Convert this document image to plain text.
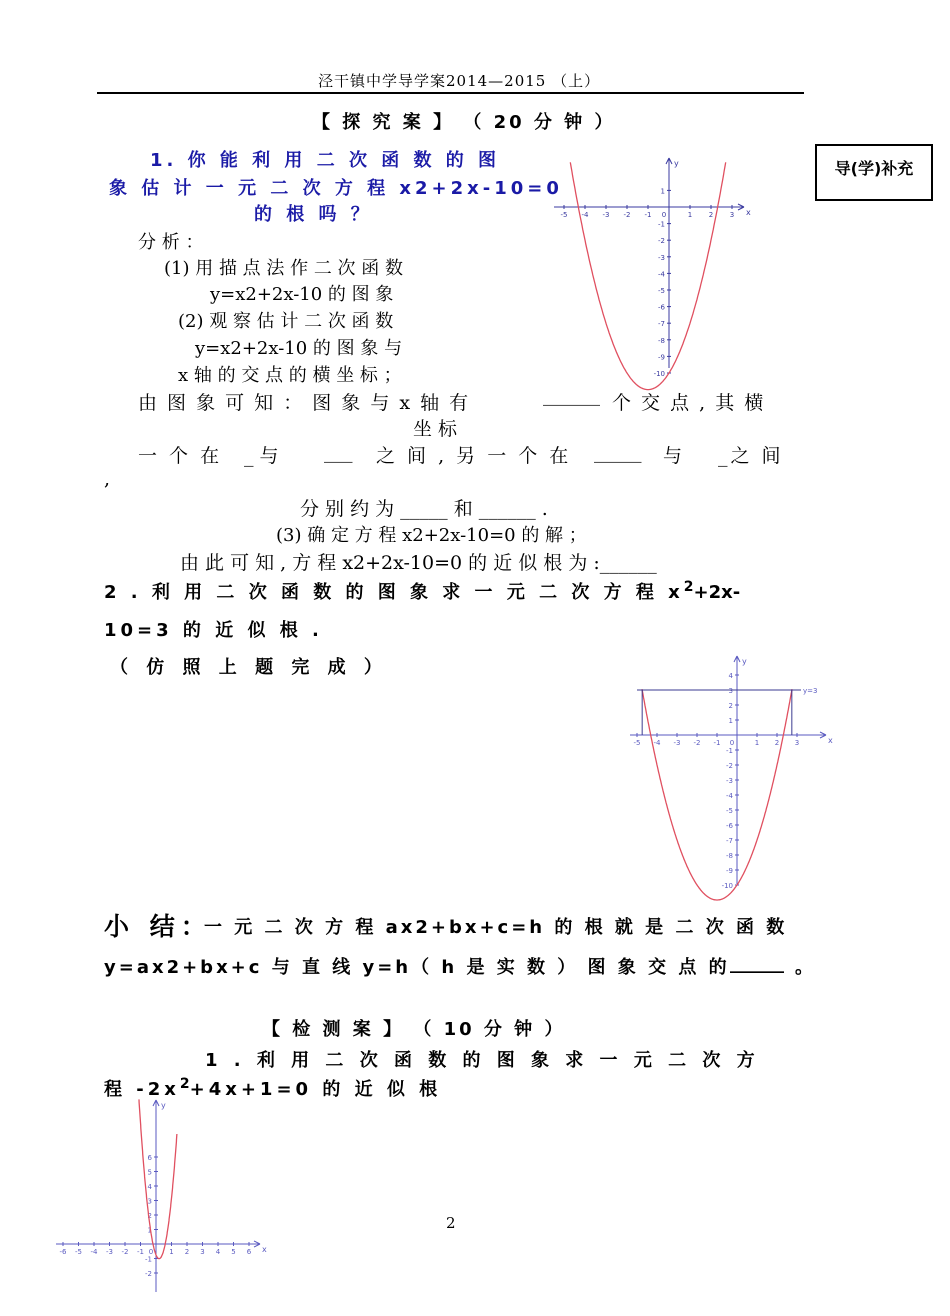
泾干镇中学导学案2014—2015 （上）
导(学)补充
【 探 究 案 】 （ 20 分 钟 ）
1. 你 能 利 用 二 次 函 数 的 图
象 估 计 一 元 二 次 方 程 x2+2x-10=0
的 根 吗 ？
分 析 ：
(1) 用 描 点 法 作 二 次 函 数
y=x2+2x-10 的 图 象
(2) 观 察 估 计 二 次 函 数
y=x2+2x-10 的 图 象 与
x 轴 的 交 点 的 横 坐 标 ；
由 图 象 可 知 ： 图 象 与 x 轴 有	______ 个 交 点 , 其 横
坐 标
一 个 在 _ 与 ___ 之 间 , 另 一 个 在 _____ 与 _之 间
,
分 别 约 为 _____ 和 ______ .
(3) 确 定 方 程 x2+2x-10=0 的 解 ；
由 此 可 知 , 方 程 x2+2x-10=0 的 近 似 根 为 :______
2 . 利 用 二 次 函 数 的 图 象 求 一 元 二 次 方 程 $x^2+2x-$
10=3 的 近 似 根 .
（ 仿 照 上 题 完 成 ）
小 结：
一 元 二 次 方 程 ax2+bx+c=h 的 根 就 是 二 次 函 数
y=ax2+bx+c 与 直 线 y=h（ h 是 实 数 ） 图 象 交 点 的 ______ 。
【 检 测 案 】 （ 10 分 钟 ）
1 . 利 用 二 次 函 数 的 图 象 求 一 元 二 次 方
程 $-2x^2+4x+1=0$ 的 近 似 根
2
-5 -4 -3 -2 -1 0	1 2 3
1
-1
-2
-3
-4
-5
-6
-7
-8
-9
-10
x
y
-5 -4 -3 -2 -1 0	1 2 3
1
2
3
4
-1
-2
-3
-4
-5
-6
-7
-8
-9
-10
x
y
y=3
-6 -5 -4 -3 -2 -1 0 1 2 3 4 5 6
1
2
3
4
5
6
-1
-2
x
y
